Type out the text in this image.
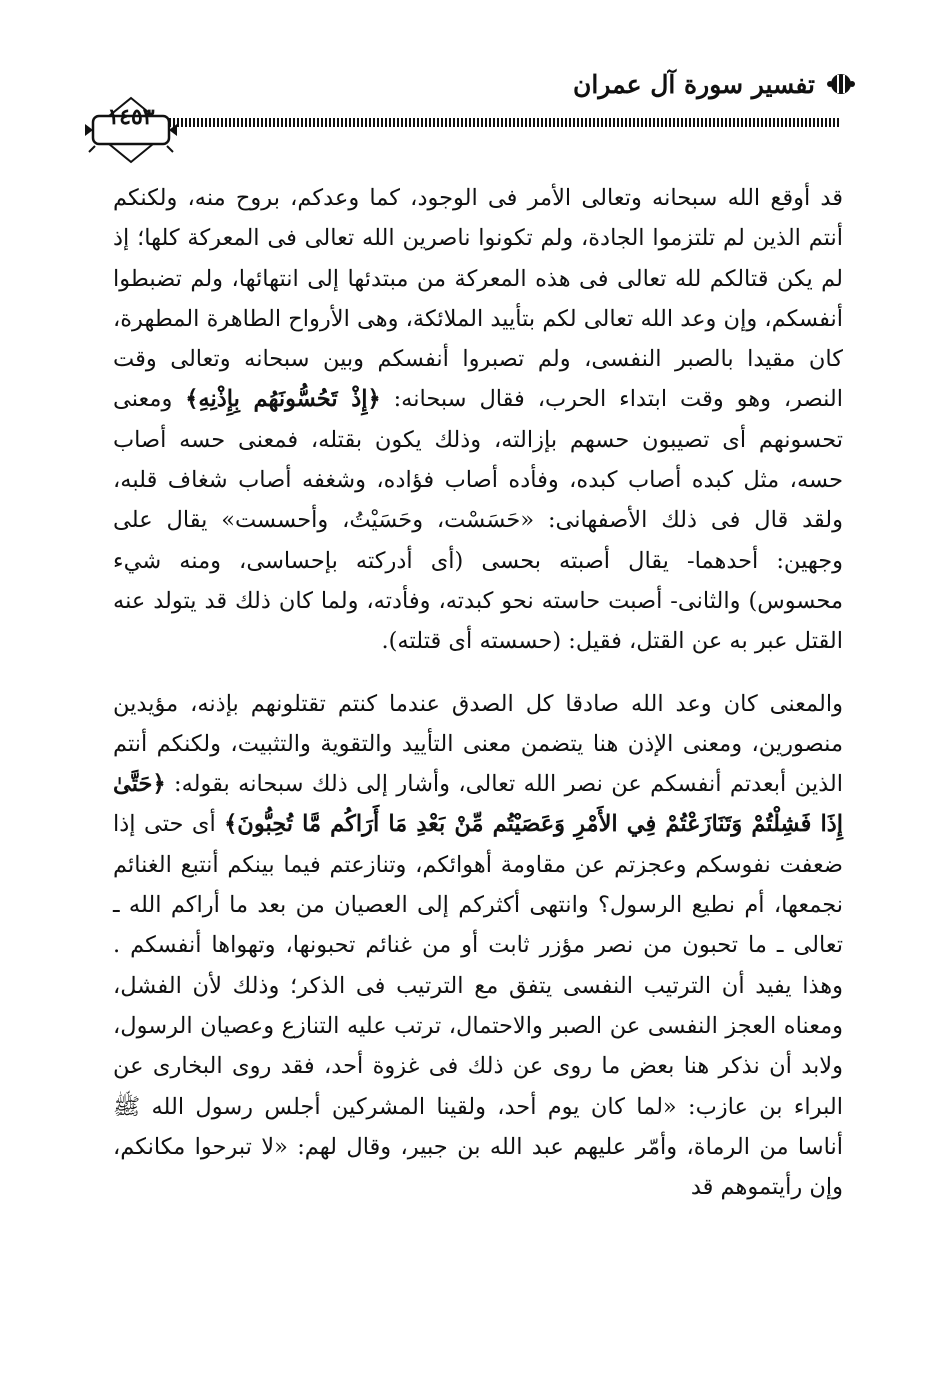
تفسير سورة آل عمران
١٤٥٣

قد أوقع الله سبحانه وتعالى الأمر فى الوجود، كما وعدكم، بروح منه، ولكنكم أنتم الذين لم تلتزموا الجادة، ولم تكونوا ناصرين الله تعالى فى المعركة كلها؛ إذ لم يكن قتالكم لله تعالى فى هذه المعركة من مبتدئها إلى انتهائها، ولم تضبطوا أنفسكم، وإن وعد الله تعالى لكم بتأييد الملائكة، وهى الأرواح الطاهرة المطهرة، كان مقيدا بالصبر النفسى، ولم تصبروا أنفسكم وبين سبحانه وتعالى وقت النصر، وهو وقت ابتداء الحرب، فقال سبحانه: ﴿إِذْ تَحُسُّونَهُم بِإِذْنِهِ﴾ ومعنى تحسونهم أى تصيبون حسهم بإزالته، وذلك يكون بقتله، فمعنى حسه أصاب حسه، مثل كبده أصاب كبده، وفأده أصاب فؤاده، وشغفه أصاب شغاف قلبه، ولقد قال فى ذلك الأصفهانى: «حَسَسْت، وحَسَيْتُ، وأحسست» يقال على وجهين: أحدهما- يقال أصبته بحسى (أى أدركته بإحساسى، ومنه شيء محسوس) والثانى- أصبت حاسته نحو كبدته، وفأدته، ولما كان ذلك قد يتولد عنه القتل عبر به عن القتل، فقيل: (حسسته أى قتلته).

والمعنى كان وعد الله صادقا كل الصدق عندما كنتم تقتلونهم بإذنه، مؤيدين منصورين، ومعنى الإذن هنا يتضمن معنى التأييد والتقوية والتثبيت، ولكنكم أنتم الذين أبعدتم أنفسكم عن نصر الله تعالى، وأشار إلى ذلك سبحانه بقوله: ﴿حَتَّىٰ إِذَا فَشِلْتُمْ وَتَنَازَعْتُمْ فِي الأَمْرِ وَعَصَيْتُم مِّنْ بَعْدِ مَا أَرَاكُم مَّا تُحِبُّونَ﴾ أى حتى إذا ضعفت نفوسكم وعجزتم عن مقاومة أهوائكم، وتنازعتم فيما بينكم أنتبع الغنائم نجمعها، أم نطيع الرسول؟ وانتهى أكثركم إلى العصيان من بعد ما أراكم الله ـ تعالى ـ ما تحبون من نصر مؤزر ثابت أو من غنائم تحبونها، وتهواها أنفسكم . وهذا يفيد أن الترتيب النفسى يتفق مع الترتيب فى الذكر؛ وذلك لأن الفشل، ومعناه العجز النفسى عن الصبر والاحتمال، ترتب عليه التنازع وعصيان الرسول، ولابد أن نذكر هنا بعض ما روى عن ذلك فى غزوة أحد، فقد روى البخارى عن البراء بن عازب: «لما كان يوم أحد، ولقينا المشركين أجلس رسول الله ﷺ أناسا من الرماة، وأمّر عليهم عبد الله بن جبير، وقال لهم: «لا تبرحوا مكانكم، وإن رأيتموهم قد
